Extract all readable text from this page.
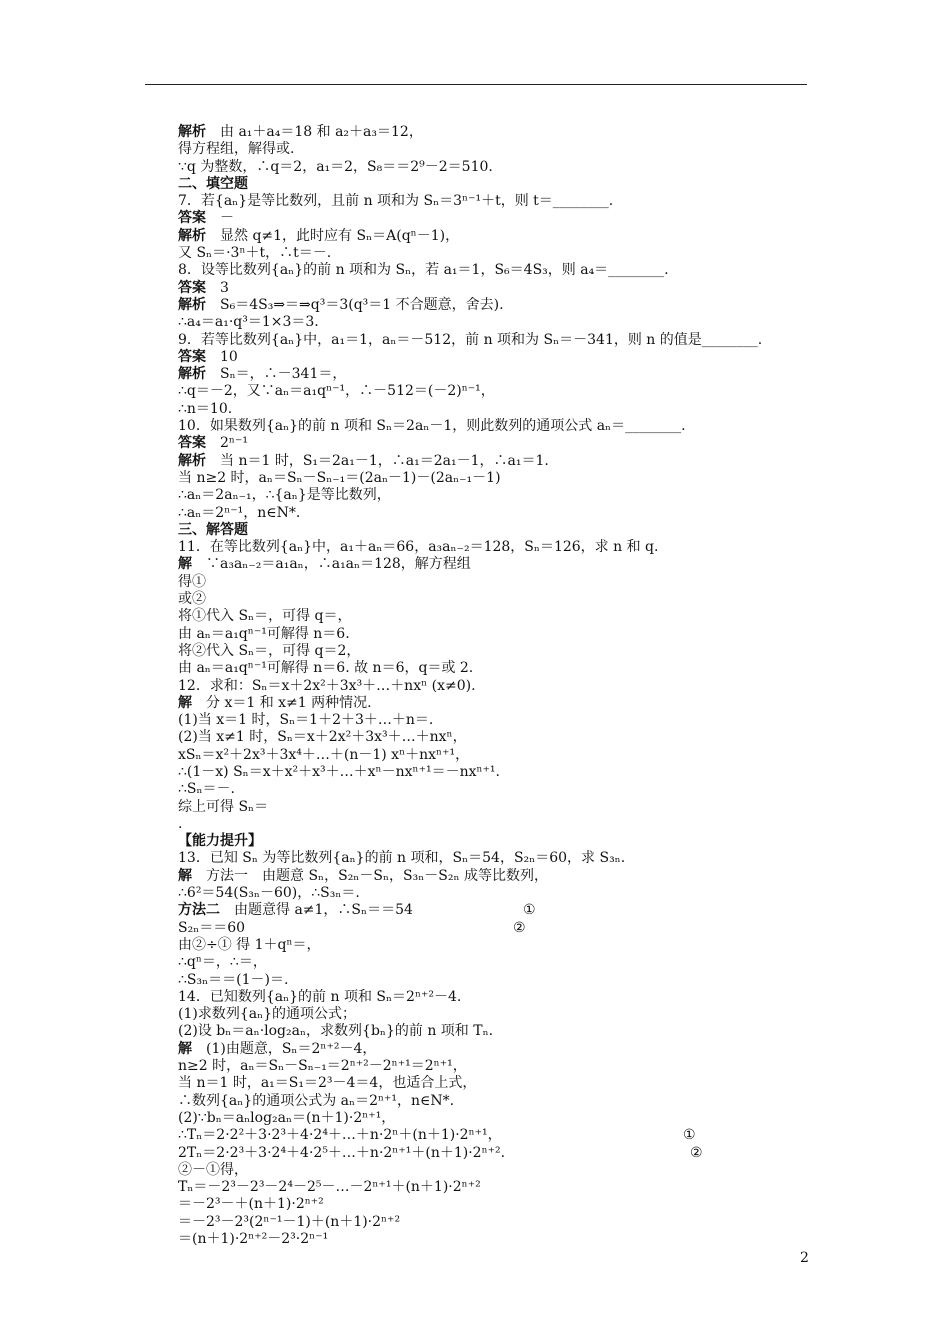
解析　由 a₁＋a₄＝18 和 a₂＋a₃＝12，
得方程组，解得或.
∵q 为整数，∴q＝2，a₁＝2，S₈＝＝2⁹－2＝510.
二、填空题
7．若{aₙ}是等比数列，且前 n 项和为 Sₙ＝3ⁿ⁻¹＋t，则 t＝________.
答案　－
解析　显然 q≠1，此时应有 Sₙ＝A(qⁿ－1)，
又 Sₙ＝·3ⁿ＋t，∴t＝－.
8．设等比数列{aₙ}的前 n 项和为 Sₙ，若 a₁＝1，S₆＝4S₃，则 a₄＝________.
答案　3
解析　S₆＝4S₃⇒＝⇒q³＝3(q³＝1 不合题意，舍去).
∴a₄＝a₁·q³＝1×3＝3.
9．若等比数列{aₙ}中，a₁＝1，aₙ＝－512，前 n 项和为 Sₙ＝－341，则 n 的值是________.
答案　10
解析　Sₙ＝，∴－341＝，
∴q＝－2，又∵aₙ＝a₁qⁿ⁻¹，∴－512＝(－2)ⁿ⁻¹，
∴n＝10.
10．如果数列{aₙ}的前 n 项和 Sₙ＝2aₙ－1，则此数列的通项公式 aₙ＝________.
答案　2ⁿ⁻¹
解析　当 n＝1 时，S₁＝2a₁－1，∴a₁＝2a₁－1，∴a₁＝1.
当 n≥2 时，aₙ＝Sₙ－Sₙ₋₁＝(2aₙ－1)－(2aₙ₋₁－1)
∴aₙ＝2aₙ₋₁，∴{aₙ}是等比数列，
∴aₙ＝2ⁿ⁻¹，n∈N*.
三、解答题
11．在等比数列{aₙ}中，a₁＋aₙ＝66，a₃aₙ₋₂＝128，Sₙ＝126，求 n 和 q.
解　∵a₃aₙ₋₂＝a₁aₙ，∴a₁aₙ＝128，解方程组
得①
或②
将①代入 Sₙ＝，可得 q＝，
由 aₙ＝a₁qⁿ⁻¹可解得 n＝6.
将②代入 Sₙ＝，可得 q＝2，
由 aₙ＝a₁qⁿ⁻¹可解得 n＝6. 故 n＝6，q＝或 2.
12．求和：Sₙ＝x＋2x²＋3x³＋…＋nxⁿ (x≠0).
解　分 x＝1 和 x≠1 两种情况.
(1)当 x＝1 时，Sₙ＝1＋2＋3＋…＋n＝.
(2)当 x≠1 时，Sₙ＝x＋2x²＋3x³＋…＋nxⁿ，
xSₙ＝x²＋2x³＋3x⁴＋…＋(n－1) xⁿ＋nxⁿ⁺¹，
∴(1－x) Sₙ＝x＋x²＋x³＋…＋xⁿ－nxⁿ⁺¹＝－nxⁿ⁺¹.
∴Sₙ＝－.
综上可得 Sₙ＝
.
【能力提升】
13．已知 Sₙ 为等比数列{aₙ}的前 n 项和，Sₙ＝54，S₂ₙ＝60，求 S₃ₙ.
解　方法一　由题意 Sₙ，S₂ₙ－Sₙ，S₃ₙ－S₂ₙ 成等比数列，
∴6²＝54(S₃ₙ－60)，∴S₃ₙ＝.
方法二　由题意得 a≠1，∴Sₙ＝＝54	①
S₂ₙ＝＝60	②
由②÷① 得 1＋qⁿ＝，
∴qⁿ＝，∴＝，
∴S₃ₙ＝＝(1－)＝.
14．已知数列{aₙ}的前 n 项和 Sₙ＝2ⁿ⁺²－4.
(1)求数列{aₙ}的通项公式；
(2)设 bₙ＝aₙ·log₂aₙ，求数列{bₙ}的前 n 项和 Tₙ.
解　(1)由题意，Sₙ＝2ⁿ⁺²－4，
n≥2 时，aₙ＝Sₙ－Sₙ₋₁＝2ⁿ⁺²－2ⁿ⁺¹＝2ⁿ⁺¹，
当 n＝1 时，a₁＝S₁＝2³－4＝4，也适合上式，
∴数列{aₙ}的通项公式为 aₙ＝2ⁿ⁺¹，n∈N*.
(2)∵bₙ＝aₙlog₂aₙ＝(n＋1)·2ⁿ⁺¹，
∴Tₙ＝2·2²＋3·2³＋4·2⁴＋…＋n·2ⁿ＋(n＋1)·2ⁿ⁺¹，	①
2Tₙ＝2·2³＋3·2⁴＋4·2⁵＋…＋n·2ⁿ⁺¹＋(n＋1)·2ⁿ⁺².	②
②－①得，
Tₙ＝－2³－2³－2⁴－2⁵－…－2ⁿ⁺¹＋(n＋1)·2ⁿ⁺²
＝－2³－＋(n＋1)·2ⁿ⁺²
＝－2³－2³(2ⁿ⁻¹－1)＋(n＋1)·2ⁿ⁺²
＝(n＋1)·2ⁿ⁺²－2³·2ⁿ⁻¹
2
